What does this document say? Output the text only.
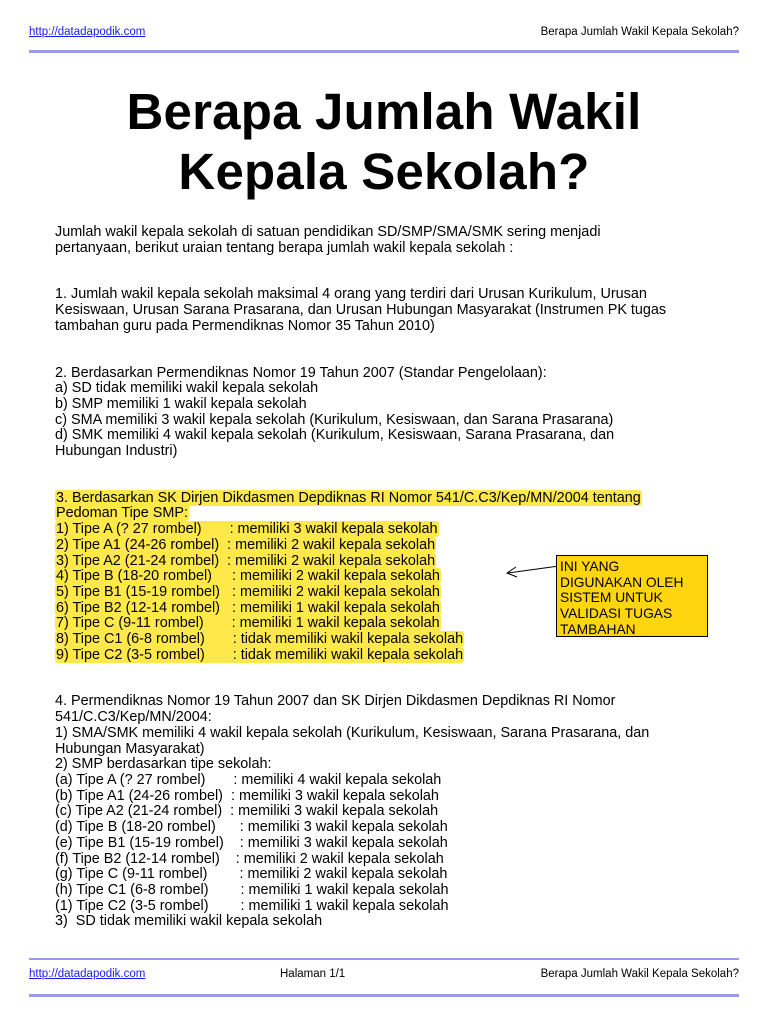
http://datadapodik.com	Berapa Jumlah Wakil Kepala Sekolah?
Berapa Jumlah Wakil
Kepala Sekolah?

Jumlah wakil kepala sekolah di satuan pendidikan SD/SMP/SMA/SMK sering menjadi

pertanyaan, berikut uraian tentang berapa jumlah wakil kepala sekolah :

1. Jumlah wakil kepala sekolah maksimal 4 orang yang terdiri dari Urusan Kurikulum, Urusan

Kesiswaan, Urusan Sarana Prasarana, dan Urusan Hubungan Masyarakat (Instrumen PK tugas

tambahan guru pada Permendiknas Nomor 35 Tahun 2010)

2. Berdasarkan Permendiknas Nomor 19 Tahun 2007 (Standar Pengelolaan):

a) SD tidak memiliki wakil kepala sekolah

b) SMP memiliki 1 wakil kepala sekolah

c) SMA memiliki 3 wakil kepala sekolah (Kurikulum, Kesiswaan, dan Sarana Prasarana)

d) SMK memiliki 4 wakil kepala sekolah (Kurikulum, Kesiswaan, Sarana Prasarana, dan

Hubungan Industri)

3. Berdasarkan SK Dirjen Dikdasmen Depdiknas RI Nomor 541/C.C3/Kep/MN/2004 tentang

Pedoman Tipe SMP:

1) Tipe A (? 27 rombel)       : memiliki 3 wakil kepala sekolah

2) Tipe A1 (24-26 rombel)  : memiliki 2 wakil kepala sekolah

3) Tipe A2 (21-24 rombel)  : memiliki 2 wakil kepala sekolah

4) Tipe B (18-20 rombel)     : memiliki 2 wakil kepala sekolah

5) Tipe B1 (15-19 rombel)   : memiliki 2 wakil kepala sekolah

6) Tipe B2 (12-14 rombel)   : memiliki 1 wakil kepala sekolah

7) Tipe C (9-11 rombel)       : memiliki 1 wakil kepala sekolah

8) Tipe C1 (6-8 rombel)       : tidak memiliki wakil kepala sekolah

9) Tipe C2 (3-5 rombel)       : tidak memiliki wakil kepala sekolah

4. Permendiknas Nomor 19 Tahun 2007 dan SK Dirjen Dikdasmen Depdiknas RI Nomor

541/C.C3/Kep/MN/2004:

1) SMA/SMK memiliki 4 wakil kepala sekolah (Kurikulum, Kesiswaan, Sarana Prasarana, dan

Hubungan Masyarakat)

2) SMP berdasarkan tipe sekolah:

(a) Tipe A (? 27 rombel)       : memiliki 4 wakil kepala sekolah

(b) Tipe A1 (24-26 rombel)  : memiliki 3 wakil kepala sekolah

(c) Tipe A2 (21-24 rombel)  : memiliki 3 wakil kepala sekolah

(d) Tipe B (18-20 rombel)      : memiliki 3 wakil kepala sekolah

(e) Tipe B1 (15-19 rombel)    : memiliki 3 wakil kepala sekolah

(f) Tipe B2 (12-14 rombel)    : memiliki 2 wakil kepala sekolah

(g) Tipe C (9-11 rombel)        : memiliki 2 wakil kepala sekolah

(h) Tipe C1 (6-8 rombel)        : memiliki 1 wakil kepala sekolah

(1) Tipe C2 (3-5 rombel)        : memiliki 1 wakil kepala sekolah

3)  SD tidak memiliki wakil kepala sekolah

INI YANG

DIGUNAKAN OLEH

SISTEM UNTUK

VALIDASI TUGAS

TAMBAHAN

http://datadapodik.com	Halaman 1/1	Berapa Jumlah Wakil Kepala Sekolah?
